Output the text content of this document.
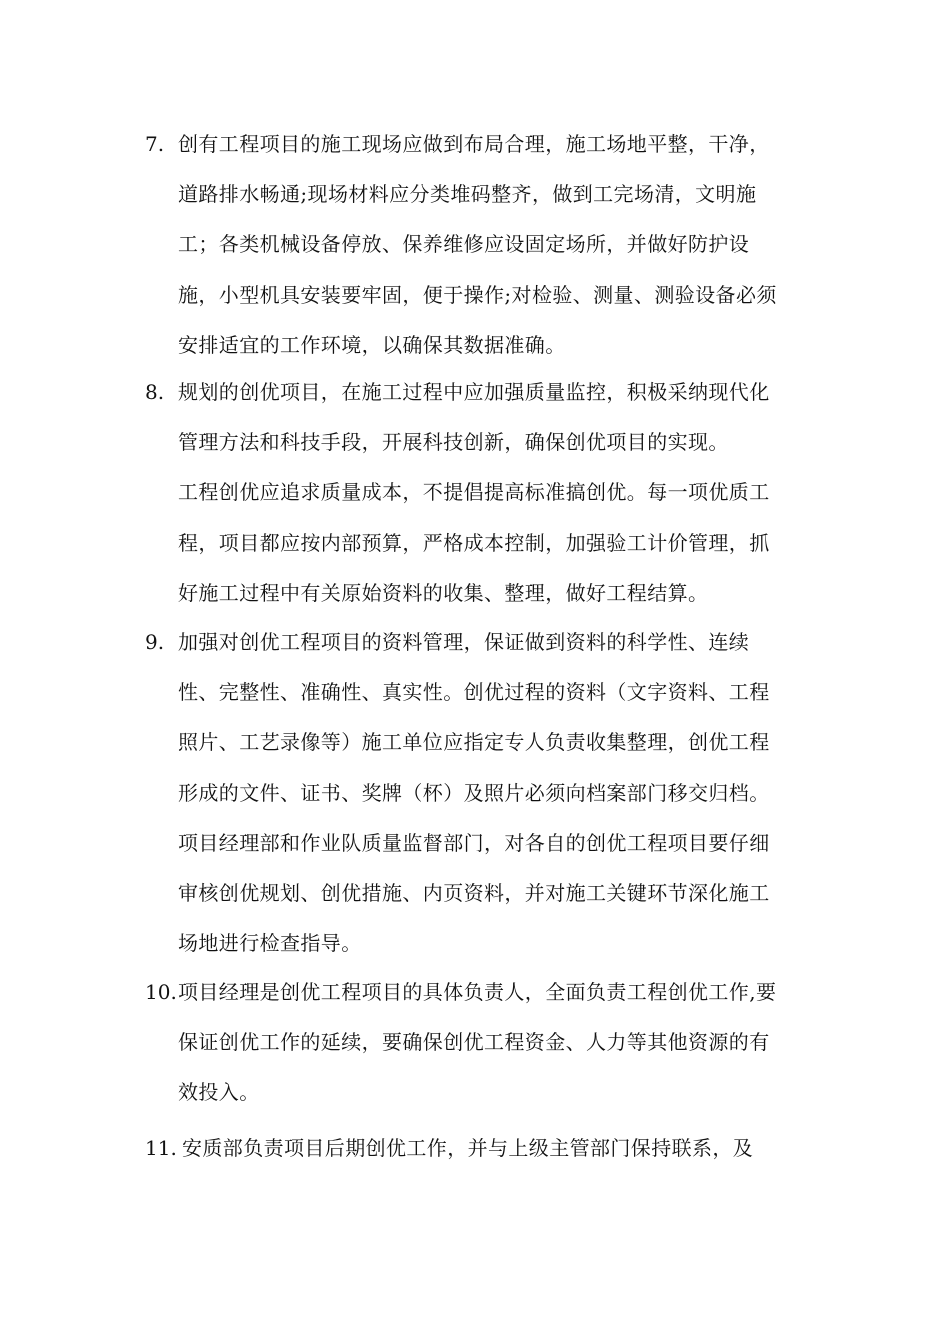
7. 创有工程项目的施工现场应做到布局合理，施工场地平整，干净，
道路排水畅通;现场材料应分类堆码整齐，做到工完场清，文明施
工；各类机械设备停放、保养维修应设固定场所，并做好防护设
施，小型机具安装要牢固，便于操作;对检验、测量、测验设备必须
安排适宜的工作环境，以确保其数据准确。
8. 规划的创优项目，在施工过程中应加强质量监控，积极采纳现代化
管理方法和科技手段，开展科技创新，确保创优项目的实现。
工程创优应追求质量成本，不提倡提高标准搞创优。每一项优质工
程，项目都应按内部预算，严格成本控制，加强验工计价管理，抓
好施工过程中有关原始资料的收集、整理，做好工程结算。
9. 加强对创优工程项目的资料管理，保证做到资料的科学性、连续
性、完整性、准确性、真实性。创优过程的资料（文字资料、工程
照片、工艺录像等）施工单位应指定专人负责收集整理，创优工程
形成的文件、证书、奖牌（杯）及照片必须向档案部门移交归档。
项目经理部和作业队质量监督部门，对各自的创优工程项目要仔细
审核创优规划、创优措施、内页资料，并对施工关键环节深化施工
场地进行检查指导。
10. 项目经理是创优工程项目的具体负责人，全面负责工程创优工作,要
保证创优工作的延续，要确保创优工程资金、人力等其他资源的有
效投入。
11. 安质部负责项目后期创优工作，并与上级主管部门保持联系，及
